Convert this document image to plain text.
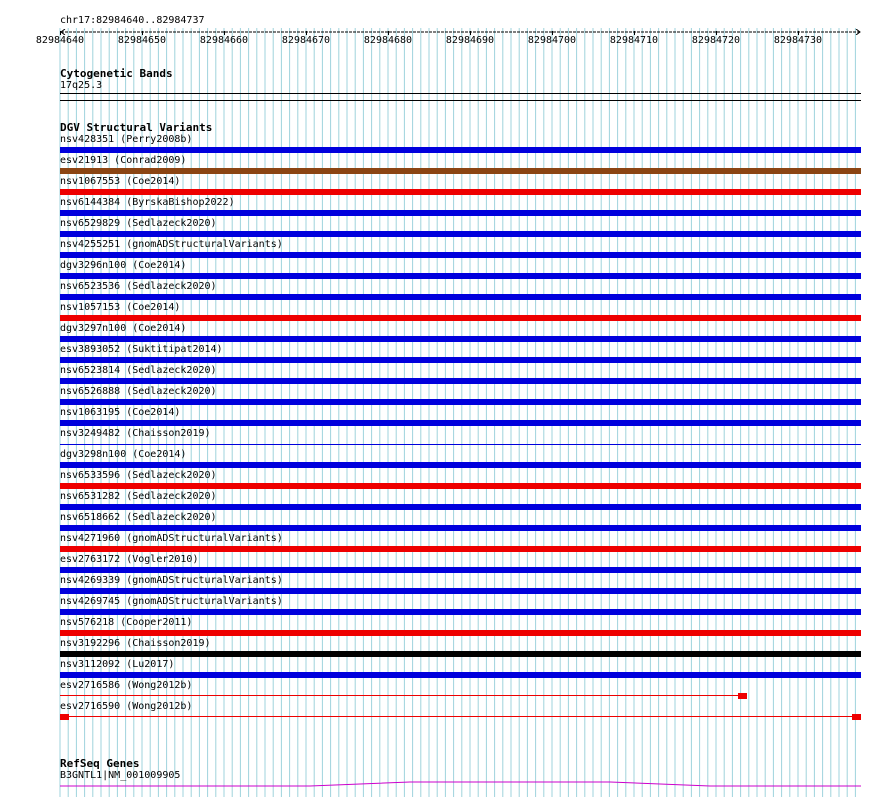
chr17:82984640..82984737
82984640	82984650	82984660	82984670	82984680	82984690	82984700	82984710	82984720	82984730
Cytogenetic Bands
17q25.3
DGV Structural Variants
nsv428351 (Perry2008b)
esv21913 (Conrad2009)
nsv1067553 (Coe2014)
nsv6144384 (ByrskaBishop2022)
nsv6529829 (Sedlazeck2020)
nsv4255251 (gnomADStructuralVariants)
dgv3296n100 (Coe2014)
nsv6523536 (Sedlazeck2020)
nsv1057153 (Coe2014)
dgv3297n100 (Coe2014)
esv3893052 (Suktitipat2014)
nsv6523814 (Sedlazeck2020)
nsv6526888 (Sedlazeck2020)
nsv1063195 (Coe2014)
nsv3249482 (Chaisson2019)
dgv3298n100 (Coe2014)
nsv6533596 (Sedlazeck2020)
nsv6531282 (Sedlazeck2020)
nsv6518662 (Sedlazeck2020)
nsv4271960 (gnomADStructuralVariants)
esv2763172 (Vogler2010)
nsv4269339 (gnomADStructuralVariants)
nsv4269745 (gnomADStructuralVariants)
nsv576218 (Cooper2011)
nsv3192296 (Chaisson2019)
nsv3112092 (Lu2017)
esv2716586 (Wong2012b)
esv2716590 (Wong2012b)
RefSeq Genes
B3GNTL1|NM_001009905
